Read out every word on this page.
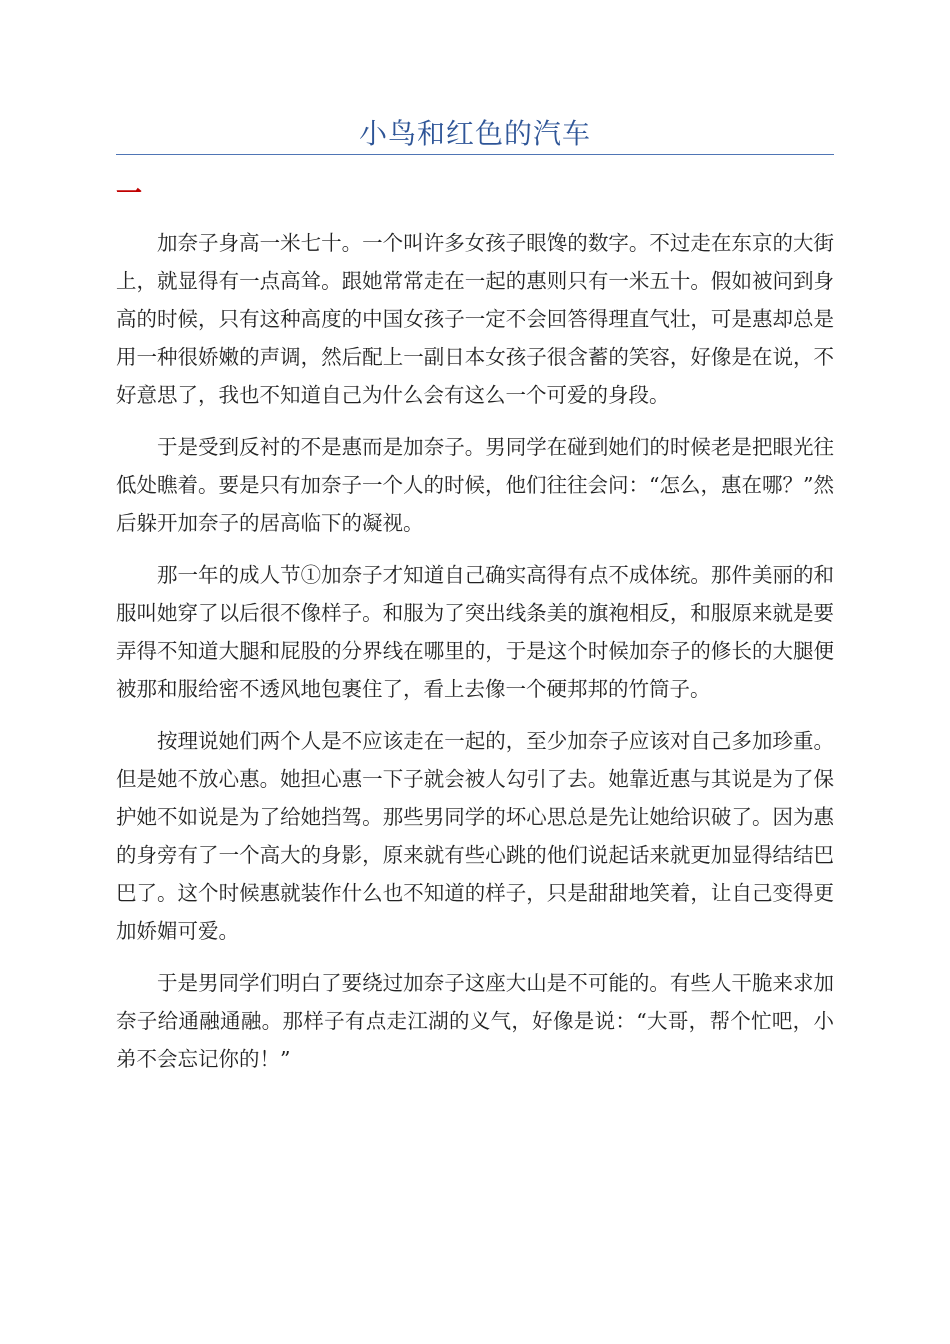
小鸟和红色的汽车
一

加奈子身高一米七十。一个叫许多女孩子眼馋的数字。不过走在东京的大街上，就显得有一点高耸。跟她常常走在一起的惠则只有一米五十。假如被问到身高的时候，只有这种高度的中国女孩子一定不会回答得理直气壮，可是惠却总是用一种很娇嫩的声调，然后配上一副日本女孩子很含蓄的笑容，好像是在说，不好意思了，我也不知道自己为什么会有这么一个可爱的身段。

于是受到反衬的不是惠而是加奈子。男同学在碰到她们的时候老是把眼光往低处瞧着。要是只有加奈子一个人的时候，他们往往会问：“怎么，惠在哪？”然后躲开加奈子的居高临下的凝视。

那一年的成人节①加奈子才知道自己确实高得有点不成体统。那件美丽的和服叫她穿了以后很不像样子。和服为了突出线条美的旗袍相反，和服原来就是要弄得不知道大腿和屁股的分界线在哪里的，于是这个时候加奈子的修长的大腿便被那和服给密不透风地包裹住了，看上去像一个硬邦邦的竹筒子。

按理说她们两个人是不应该走在一起的，至少加奈子应该对自己多加珍重。但是她不放心惠。她担心惠一下子就会被人勾引了去。她靠近惠与其说是为了保护她不如说是为了给她挡驾。那些男同学的坏心思总是先让她给识破了。因为惠的身旁有了一个高大的身影，原来就有些心跳的他们说起话来就更加显得结结巴巴了。这个时候惠就装作什么也不知道的样子，只是甜甜地笑着，让自己变得更加娇媚可爱。

于是男同学们明白了要绕过加奈子这座大山是不可能的。有些人干脆来求加奈子给通融通融。那样子有点走江湖的义气，好像是说：“大哥，帮个忙吧，小弟不会忘记你的！”
